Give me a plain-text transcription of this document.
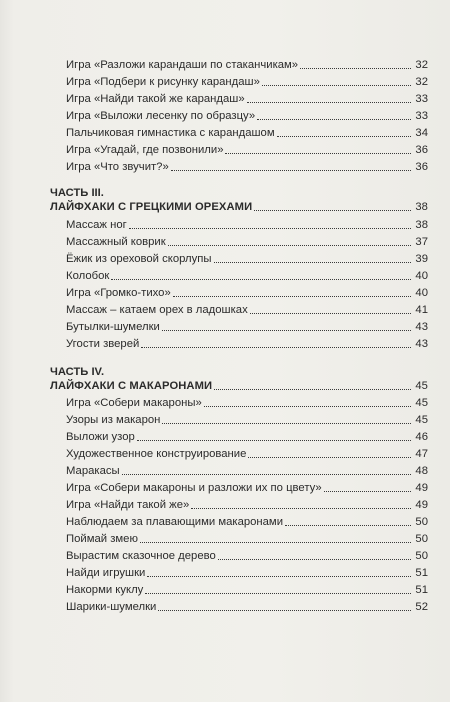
Игра «Разложи карандаши по стаканчикам»	32
Игра «Подбери к рисунку карандаш»	32
Игра «Найди такой же карандаш»	33
Игра «Выложи лесенку по образцу»	33
Пальчиковая гимнастика с карандашом	34
Игра «Угадай, где позвонили»	36
Игра «Что звучит?»	36
ЧАСТЬ III.
ЛАЙФХАКИ С ГРЕЦКИМИ ОРЕХАМИ	38
Массаж ног	38
Массажный коврик	37
Ёжик из ореховой скорлупы	39
Колобок	40
Игра «Громко-тихо»	40
Массаж – катаем орех в ладошках	41
Бутылки-шумелки	43
Угости зверей	43
ЧАСТЬ IV.
ЛАЙФХАКИ С МАКАРОНАМИ	45
Игра «Собери макароны»	45
Узоры из макарон	45
Выложи узор	46
Художественное конструирование	47
Маракасы	48
Игра «Собери макароны и разложи их по цвету»	49
Игра «Найди такой же»	49
Наблюдаем за плавающими макаронами	50
Поймай змею	50
Вырастим сказочное дерево	50
Найди игрушки	51
Накорми куклу	51
Шарики-шумелки	52
